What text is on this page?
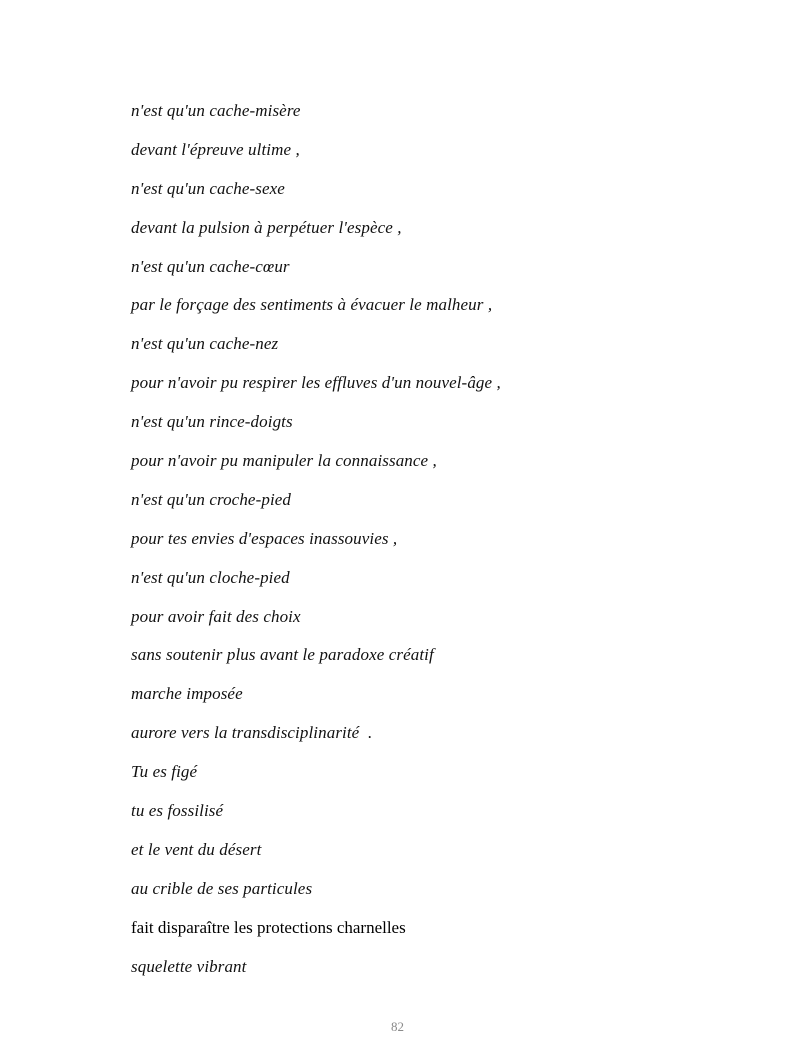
n'est qu'un cache-misère
devant l'épreuve ultime ,
n'est qu'un cache-sexe
devant la pulsion à perpétuer l'espèce ,
n'est qu'un cache-cœur
par le forçage des sentiments à évacuer le malheur ,
n'est qu'un cache-nez
pour n'avoir pu respirer les effluves d'un nouvel-âge ,
n'est qu'un rince-doigts
pour n'avoir pu manipuler la connaissance ,
n'est qu'un croche-pied
pour tes envies d'espaces inassouvies ,
n'est qu'un cloche-pied
pour avoir fait des choix
sans soutenir plus avant le paradoxe créatif
marche imposée
aurore vers la transdisciplinarité  .
Tu es figé
tu es fossilisé
et le vent du désert
au crible de ses particules
fait disparaître les protections charnelles
squelette vibrant
82
